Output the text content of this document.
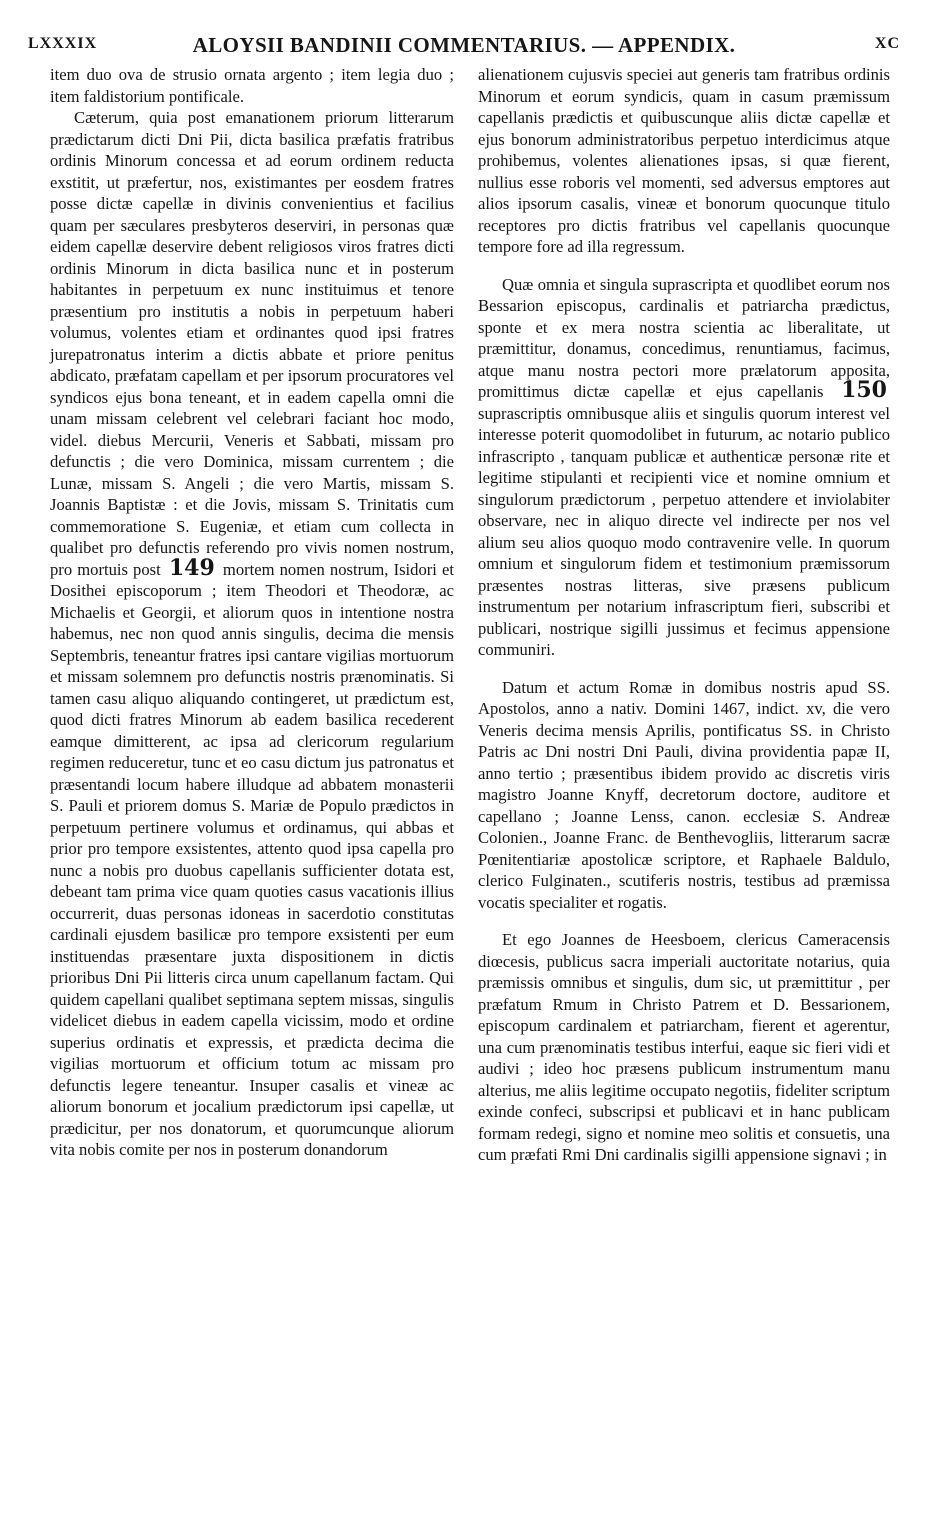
LXXXIX	ALOYSII BANDINII COMMENTARIUS. — APPENDIX.	XC

item duo ova de strusio ornata argento ; item legia duo ; item faldistorium pontificale.

Cæterum, quia post emanationem priorum litterarum prædictarum dicti Dni Pii, dicta basilica præfatis fratribus ordinis Minorum concessa et ad eorum ordinem reducta exstitit, ut præfertur, nos, existimantes per eosdem fratres posse dictæ capellæ in divinis convenientius et facilius quam per sæculares presbyteros deserviri, in personas quæ eidem capellæ deservire debent religiosos viros fratres dicti ordinis Minorum in dicta basilica nunc et in posterum habitantes in perpetuum ex nunc instituimus et tenore præsentium pro institutis a nobis in perpetuum haberi volumus, volentes etiam et ordinantes quod ipsi fratres jurepatronatus interim a dictis abbate et priore penitus abdicato, præfatam capellam et per ipsorum procuratores vel syndicos ejus bona teneant, et in eadem capella omni die unam missam celebrent vel celebrari faciant hoc modo, videl. diebus Mercurii, Veneris et Sabbati, missam pro defunctis ; die vero Dominica, missam currentem ; die Lunæ, missam S. Angeli ; die vero Martis, missam S. Joannis Baptistæ : et die Jovis, missam S. Trinitatis cum commemoratione S. Eugeniæ, et etiam cum collecta in qualibet pro defunctis referendo pro vivis nomen nostrum, pro mortuis post 149 mortem nomen nostrum, Isidori et Dosithei episcoporum ; item Theodori et Theodoræ, ac Michaelis et Georgii, et aliorum quos in intentione nostra habemus, nec non quod annis singulis, decima die mensis Septembris, teneantur fratres ipsi cantare vigilias mortuorum et missam solemnem pro defunctis nostris prænominatis. Si tamen casu aliquo aliquando contingeret, ut prædictum est, quod dicti fratres Minorum ab eadem basilica recederent eamque dimitterent, ac ipsa ad clericorum regularium regimen reduceretur, tunc et eo casu dictum jus patronatus et præsentandi locum habere illudque ad abbatem monasterii S. Pauli et priorem domus S. Mariæ de Populo prædictos in perpetuum pertinere volumus et ordinamus, qui abbas et prior pro tempore exsistentes, attento quod ipsa capella pro nunc a nobis pro duobus capellanis sufficienter dotata est, debeant tam prima vice quam quoties casus vacationis illius occurrerit, duas personas idoneas in sacerdotio constitutas cardinali ejusdem basilicæ pro tempore exsistenti per eum instituendas præsentare juxta dispositionem in dictis prioribus Dni Pii litteris circa unum capellanum factam. Qui quidem capellani qualibet septimana septem missas, singulis videlicet diebus in eadem capella vicissim, modo et ordine superius ordinatis et expressis, et prædicta decima die vigilias mortuorum et officium totum ac missam pro defunctis legere teneantur. Insuper casalis et vineæ ac aliorum bonorum et jocalium prædictorum ipsi capellæ, ut prædicitur, per nos donatorum, et quorumcunque aliorum vita nobis comite per nos in posterum donandorum

alienationem cujusvis speciei aut generis tam fratribus ordinis Minorum et eorum syndicis, quam in casum præmissum capellanis prædictis et quibuscunque aliis dictæ capellæ et ejus bonorum administratoribus perpetuo interdicimus atque prohibemus, volentes alienationes ipsas, si quæ fierent, nullius esse roboris vel momenti, sed adversus emptores aut alios ipsorum casalis, vineæ et bonorum quocunque titulo receptores pro dictis fratribus vel capellanis quocunque tempore fore ad illa regressum.

Quæ omnia et singula suprascripta et quodlibet eorum nos Bessarion episcopus, cardinalis et patriarcha prædictus, sponte et ex mera nostra scientia ac liberalitate, ut præmittitur, donamus, concedimus, renuntiamus, facimus, atque manu nostra pectori more prælatorum apposita, promittimus dictæ capellæ et ejus capellanis 150 suprascriptis omnibusque aliis et singulis quorum interest vel interesse poterit quomodolibet in futurum, ac notario publico infrascripto , tanquam publicæ et authenticæ personæ rite et legitime stipulanti et recipienti vice et nomine omnium et singulorum prædictorum , perpetuo attendere et inviolabiter observare, nec in aliquo directe vel indirecte per nos vel alium seu alios quoquo modo contravenire velle. In quorum omnium et singulorum fidem et testimonium præmissorum præsentes nostras litteras, sive præsens publicum instrumentum per notarium infrascriptum fieri, subscribi et publicari, nostrique sigilli jussimus et fecimus appensione communiri.

Datum et actum Romæ in domibus nostris apud SS. Apostolos, anno a nativ. Domini 1467, indict. xv, die vero Veneris decima mensis Aprilis, pontificatus SS. in Christo Patris ac Dni nostri Dni Pauli, divina providentia papæ II, anno tertio ; præsentibus ibidem provido ac discretis viris magistro Joanne Knyff, decretorum doctore, auditore et capellano ; Joanne Lenss, canon. ecclesiæ S. Andreæ Colonien., Joanne Franc. de Benthevogliis, litterarum sacræ Pœnitentiariæ apostolicæ scriptore, et Raphaele Baldulo, clerico Fulginaten., scutiferis nostris, testibus ad præmissa vocatis specialiter et rogatis.

Et ego Joannes de Heesboem, clericus Cameracensis diœcesis, publicus sacra imperiali auctoritate notarius, quia præmissis omnibus et singulis, dum sic, ut præmittitur , per præfatum Rmum in Christo Patrem et D. Bessarionem, episcopum cardinalem et patriarcham, fierent et agerentur, una cum prænominatis testibus interfui, eaque sic fieri vidi et audivi ; ideo hoc præsens publicum instrumentum manu alterius, me aliis legitime occupato negotiis, fideliter scriptum exinde confeci, subscripsi et publicavi et in hanc publicam formam redegi, signo et nomine meo solitis et consuetis, una cum præfati Rmi Dni cardinalis sigilli appensione signavi ; in
